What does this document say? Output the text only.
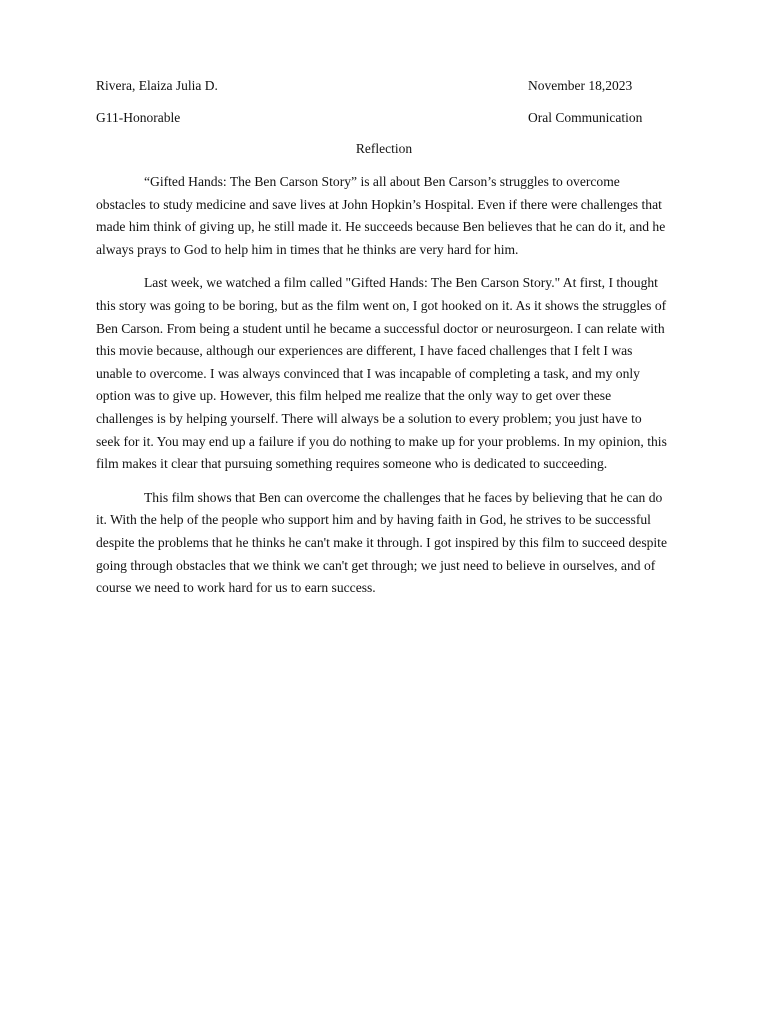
Rivera, Elaiza Julia D.	November 18,2023
G11-Honorable	Oral Communication
Reflection

“Gifted Hands: The Ben Carson Story” is all about Ben Carson’s struggles to overcome obstacles to study medicine and save lives at John Hopkin’s Hospital. Even if there were challenges that made him think of giving up, he still made it. He succeeds because Ben believes that he can do it, and he always prays to God to help him in times that he thinks are very hard for him.

Last week, we watched a film called "Gifted Hands: The Ben Carson Story." At first, I thought this story was going to be boring, but as the film went on, I got hooked on it. As it shows the struggles of Ben Carson. From being a student until he became a successful doctor or neurosurgeon. I can relate with this movie because, although our experiences are different, I have faced challenges that I felt I was unable to overcome. I was always convinced that I was incapable of completing a task, and my only option was to give up. However, this film helped me realize that the only way to get over these challenges is by helping yourself. There will always be a solution to every problem; you just have to seek for it. You may end up a failure if you do nothing to make up for your problems. In my opinion, this film makes it clear that pursuing something requires someone who is dedicated to succeeding.

This film shows that Ben can overcome the challenges that he faces by believing that he can do it. With the help of the people who support him and by having faith in God, he strives to be successful despite the problems that he thinks he can't make it through. I got inspired by this film to succeed despite going through obstacles that we think we can't get through; we just need to believe in ourselves, and of course we need to work hard for us to earn success.
